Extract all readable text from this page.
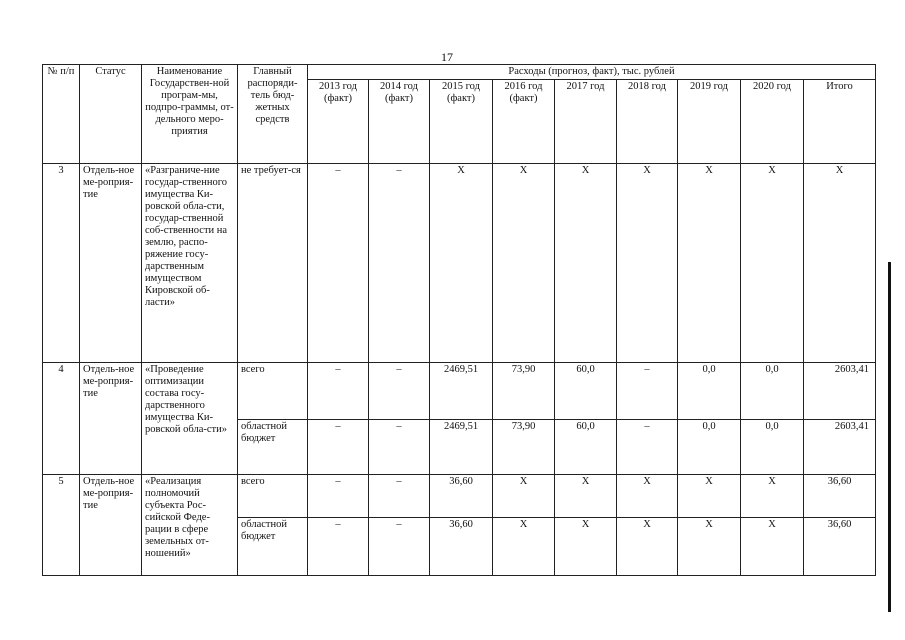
17
№ п/п	Статус	Наименование Государствен-ной програм-мы, подпро-граммы, от-дельного меро-приятия	Главный распоряди-тель бюд-жетных средств	Расходы (прогноз, факт), тыс. рублей								
				2013 год (факт)	2014 год (факт)	2015 год (факт)	2016 год (факт)	2017 год	2018 год	2019 год	2020 год	Итого
3	Отдель-ное ме-роприя-тие	«Разграниче-ние государ-ственного имущества Ки-ровской обла-сти, государ-ственной соб-ственности на землю, распо-ряжение госу-дарственным имуществом Кировской об-ласти»	не требует-ся	–	–	X	X	X	X	X	X	X
4	Отдель-ное ме-роприя-тие	«Проведение оптимизации состава госу-дарственного имущества Ки-ровской обла-сти»	всего	–	–	2469,51	73,90	60,0	–	0,0	0,0	2603,41
			областной бюджет	–	–	2469,51	73,90	60,0	–	0,0	0,0	2603,41
5	Отдель-ное ме-роприя-тие	«Реализация полномочий субъекта Рос-сийской Феде-рации в сфере земельных от-ношений»	всего	–	–	36,60	X	X	X	X	X	36,60
			областной бюджет	–	–	36,60	X	X	X	X	X	36,60
